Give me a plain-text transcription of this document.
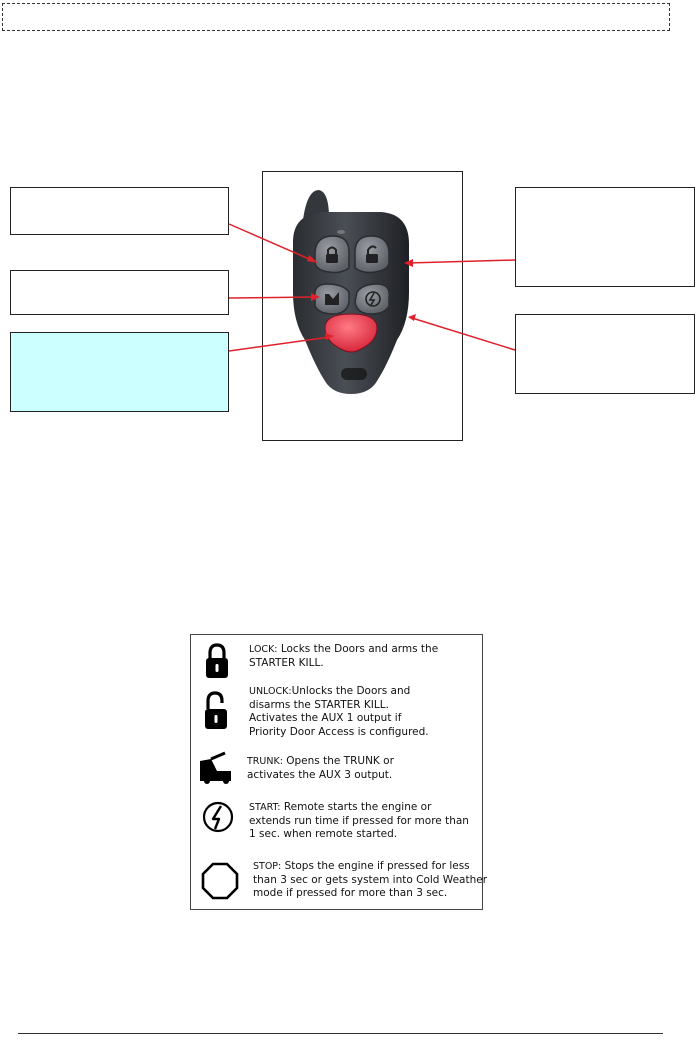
LOCK: Locks the Doors and arms the
STARTER KILL.
UNLOCK:Unlocks the Doors and
disarms the STARTER KILL.
Activates the AUX 1 output if
Priority Door Access is configured.
TRUNK: Opens the TRUNK or
activates the AUX 3 output.
START: Remote starts the engine or
extends run time if pressed for more than
1 sec. when remote started.
STOP: Stops the engine if pressed for less
than 3 sec or gets system into Cold Weather
mode if pressed for more than 3 sec.
